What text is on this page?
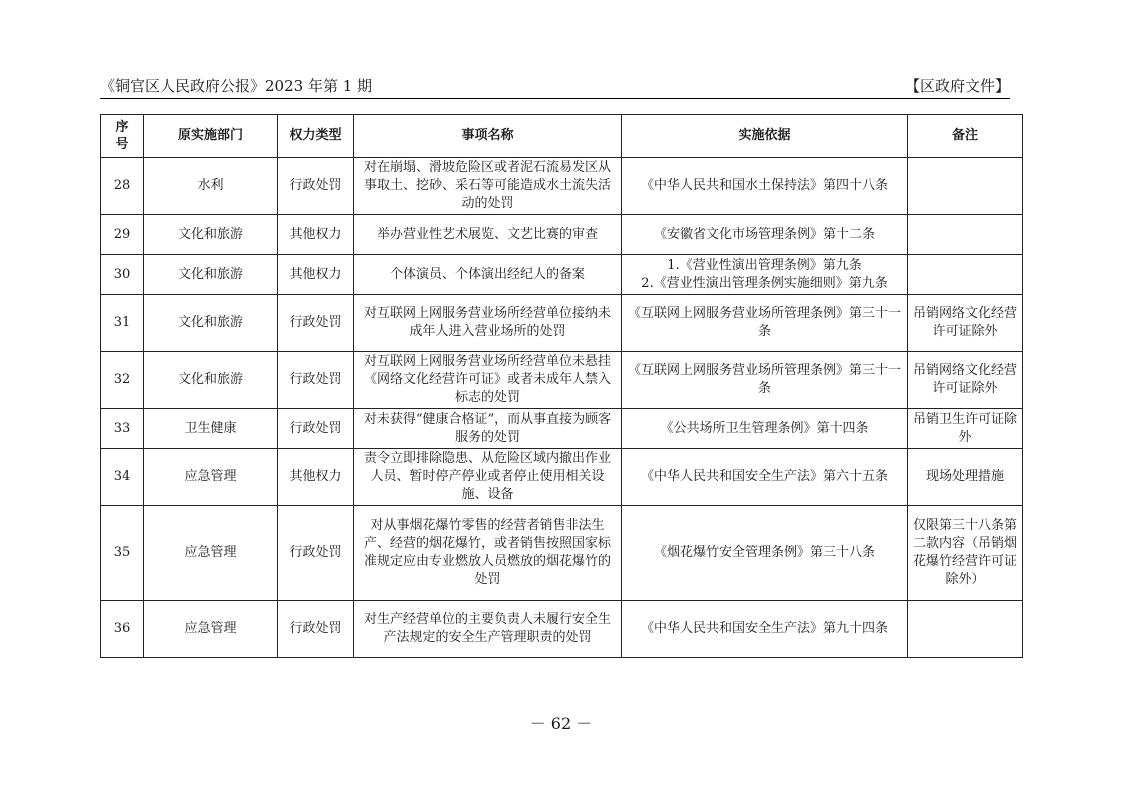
《铜官区人民政府公报》2023 年第 1 期	【区政府文件】
序
号	原实施部门	权力类型	事项名称	实施依据	备注
28	水利	行政处罚	对在崩塌、滑坡危险区或者泥石流易发区从事取土、挖砂、采石等可能造成水土流失活动的处罚	《中华人民共和国水土保持法》第四十八条	

29	文化和旅游	其他权力	举办营业性艺术展览、文艺比赛的审查	《安徽省文化市场管理条例》第十二条	

30	文化和旅游	其他权力	个体演员、个体演出经纪人的备案	1.《营业性演出管理条例》第九条
2.《营业性演出管理条例实施细则》第九条	

31	文化和旅游	行政处罚	对互联网上网服务营业场所经营单位接纳未成年人进入营业场所的处罚	《互联网上网服务营业场所管理条例》第三十一条	吊销网络文化经营许可证除外
32	文化和旅游	行政处罚	对互联网上网服务营业场所经营单位未悬挂《网络文化经营许可证》或者未成年人禁入标志的处罚	《互联网上网服务营业场所管理条例》第三十一条	吊销网络文化经营许可证除外
33	卫生健康	行政处罚	对未获得“健康合格证”，而从事直接为顾客服务的处罚	《公共场所卫生管理条例》第十四条	吊销卫生许可证除外
34	应急管理	其他权力	责令立即排除隐患、从危险区域内撤出作业人员、暂时停产停业或者停止使用相关设施、设备	《中华人民共和国安全生产法》第六十五条	现场处理措施
35	应急管理	行政处罚	对从事烟花爆竹零售的经营者销售非法生产、经营的烟花爆竹，或者销售按照国家标准规定应由专业燃放人员燃放的烟花爆竹的处罚	《烟花爆竹安全管理条例》第三十八条	仅限第三十八条第二款内容（吊销烟花爆竹经营许可证除外）
36	应急管理	行政处罚	对生产经营单位的主要负责人未履行安全生产法规定的安全生产管理职责的处罚	《中华人民共和国安全生产法》第九十四条	

－ 62 －
